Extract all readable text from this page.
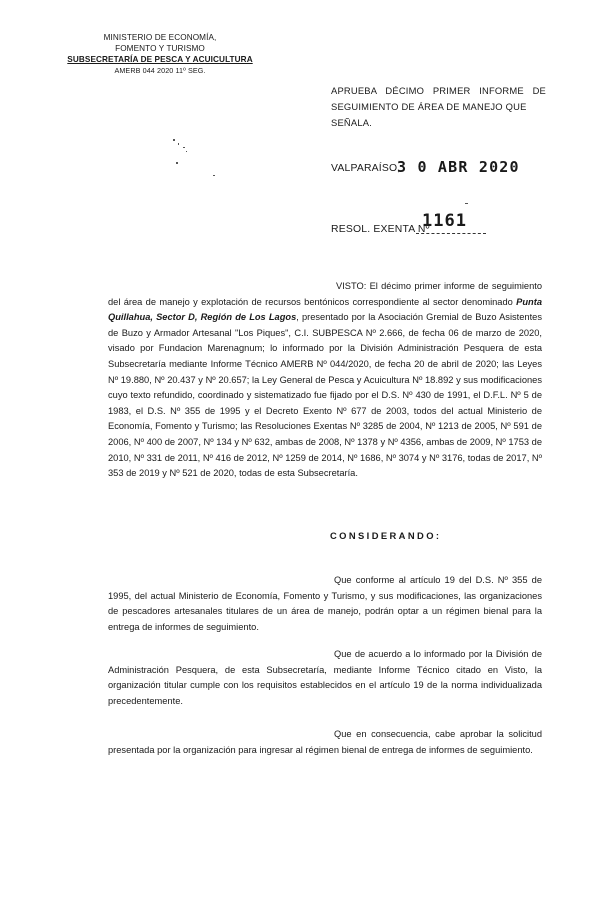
MINISTERIO DE ECONOMÍA,
FOMENTO Y TURISMO
SUBSECRETARÍA DE PESCA Y ACUICULTURA
AMERB 044 2020 11º SEG.
APRUEBA DÉCIMO PRIMER INFORME DE
SEGUIMIENTO DE ÁREA DE MANEJO QUE SEÑALA.
VALPARAÍSO,
3 0 ABR 2020
RESOL. EXENTA Nº
1161
VISTO: El décimo primer informe de seguimiento del área de manejo y explotación de recursos bentónicos correspondiente al sector denominado Punta Quillahua, Sector D, Región de Los Lagos, presentado por la Asociación Gremial de Buzo Asistentes de Buzo y Armador Artesanal "Los Piques", C.I. SUBPESCA Nº 2.666, de fecha 06 de marzo de 2020, visado por Fundacion Marenagnum; lo informado por la División Administración Pesquera de esta Subsecretaría mediante Informe Técnico AMERB Nº 044/2020, de fecha 20 de abril de 2020; las Leyes Nº 19.880, Nº 20.437 y Nº 20.657; la Ley General de Pesca y Acuicultura Nº 18.892 y sus modificaciones cuyo texto refundido, coordinado y sistematizado fue fijado por el D.S. Nº 430 de 1991, el D.F.L. Nº 5 de 1983, el D.S. Nº 355 de 1995 y el Decreto Exento Nº 677 de 2003, todos del actual Ministerio de Economía, Fomento y Turismo; las Resoluciones Exentas Nº 3285 de 2004, Nº 1213 de 2005, Nº 591 de 2006, Nº 400 de 2007, Nº 134 y Nº 632, ambas de 2008, Nº 1378 y Nº 4356, ambas de 2009, Nº 1753 de 2010, Nº 331 de 2011, Nº 416 de 2012, Nº 1259 de 2014, Nº 1686, Nº 3074 y Nº 3176, todas de 2017, Nº 353 de 2019 y Nº 521 de 2020, todas de esta Subsecretaría.
CONSIDERANDO:
Que conforme al artículo 19 del D.S. Nº 355 de 1995, del actual Ministerio de Economía, Fomento y Turismo, y sus modificaciones, las organizaciones de pescadores artesanales titulares de un área de manejo, podrán optar a un régimen bienal para la entrega de informes de seguimiento.
Que de acuerdo a lo informado por la División de Administración Pesquera, de esta Subsecretaría, mediante Informe Técnico citado en Visto, la organización titular cumple con los requisitos establecidos en el artículo 19 de la norma individualizada precedentemente.
Que en consecuencia, cabe aprobar la solicitud presentada por la organización para ingresar al régimen bienal de entrega de informes de seguimiento.
